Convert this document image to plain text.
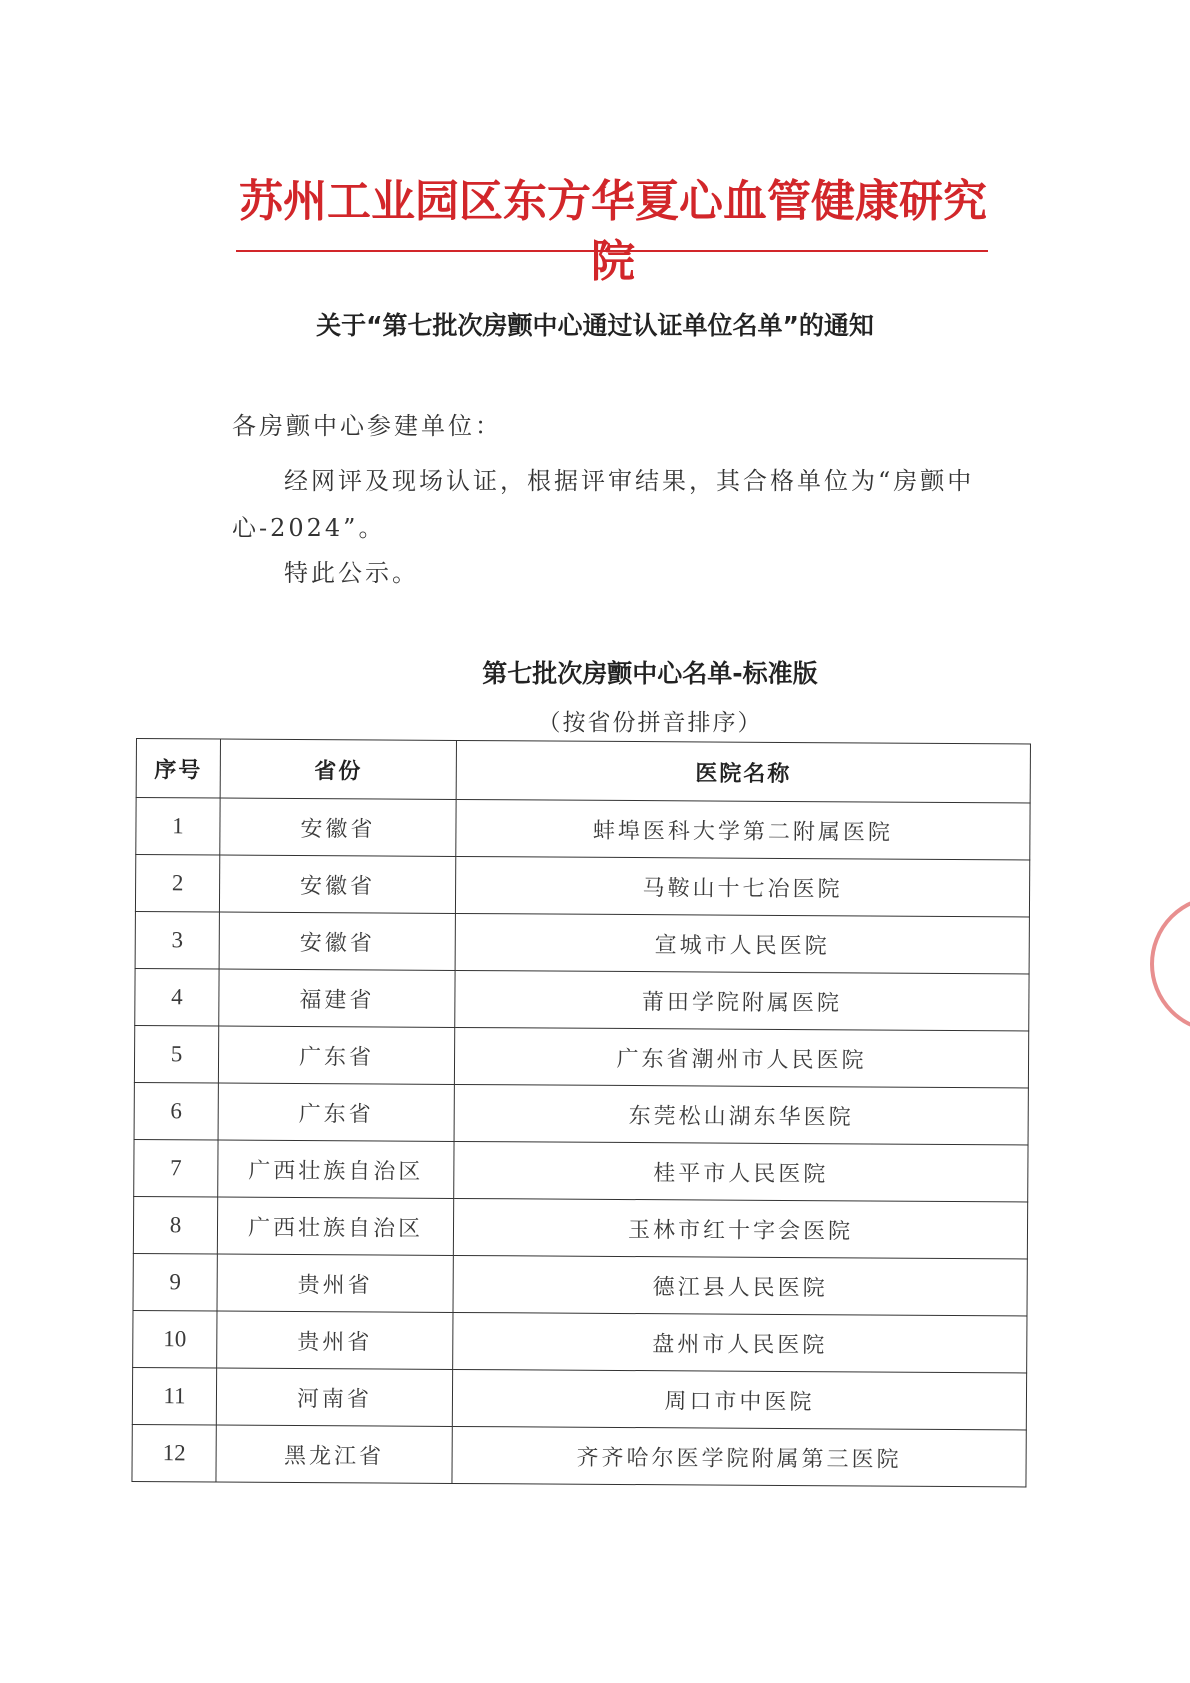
苏州工业园区东方华夏心血管健康研究院
关于“第七批次房颤中心通过认证单位名单”的通知
各房颤中心参建单位：
经网评及现场认证，根据评审结果，其合格单位为“房颤中心-2024”。
特此公示。
第七批次房颤中心名单-标准版
（按省份拼音排序）
序号	省份	医院名称
1	安徽省	蚌埠医科大学第二附属医院
2	安徽省	马鞍山十七冶医院
3	安徽省	宣城市人民医院
4	福建省	莆田学院附属医院
5	广东省	广东省潮州市人民医院
6	广东省	东莞松山湖东华医院
7	广西壮族自治区	桂平市人民医院
8	广西壮族自治区	玉林市红十字会医院
9	贵州省	德江县人民医院
10	贵州省	盘州市人民医院
11	河南省	周口市中医院
12	黑龙江省	齐齐哈尔医学院附属第三医院
